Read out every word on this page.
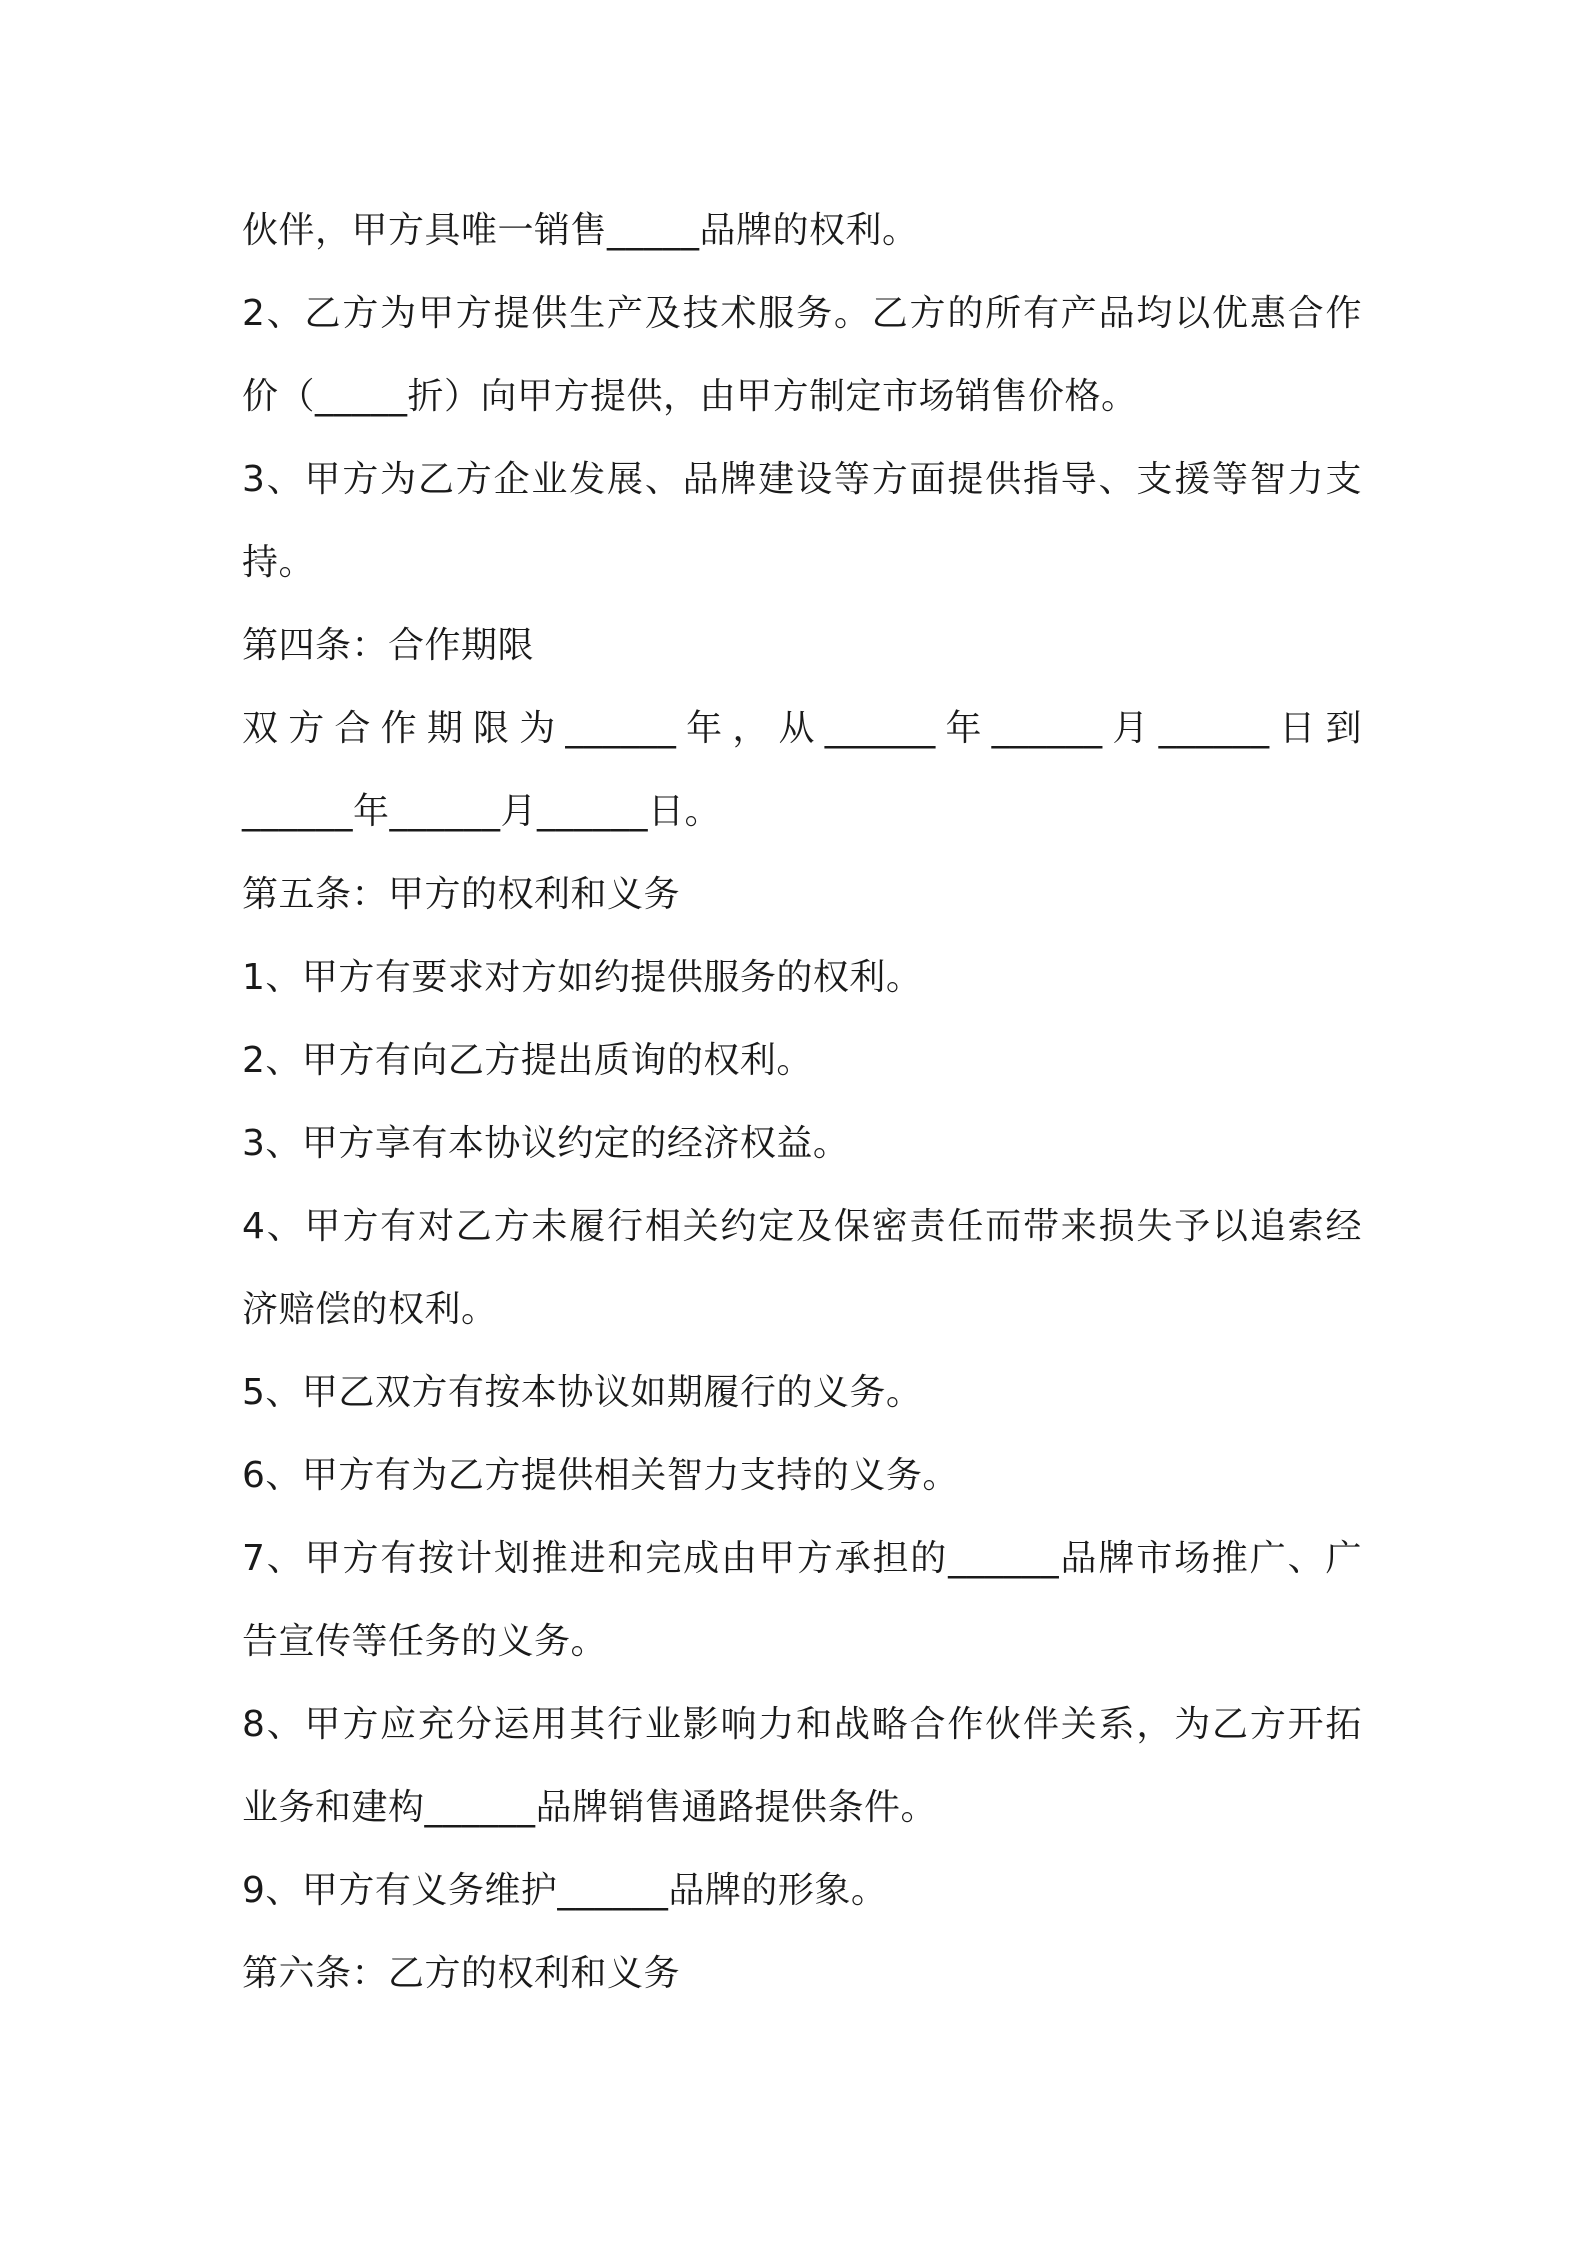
伙伴，甲方具唯一销售_____品牌的权利。
2、乙方为甲方提供生产及技术服务。乙方的所有产品均以优惠合作
价（_____折）向甲方提供，由甲方制定市场销售价格。
3、甲方为乙方企业发展、品牌建设等方面提供指导、支援等智力支
持。
第四条：合作期限
双方合作期限为______年，从______年______月______日到
______年______月______日。
第五条：甲方的权利和义务
1、甲方有要求对方如约提供服务的权利。
2、甲方有向乙方提出质询的权利。
3、甲方享有本协议约定的经济权益。
4、甲方有对乙方未履行相关约定及保密责任而带来损失予以追索经
济赔偿的权利。
5、甲乙双方有按本协议如期履行的义务。
6、甲方有为乙方提供相关智力支持的义务。
7、甲方有按计划推进和完成由甲方承担的______品牌市场推广、广
告宣传等任务的义务。
8、甲方应充分运用其行业影响力和战略合作伙伴关系，为乙方开拓
业务和建构______品牌销售通路提供条件。
9、甲方有义务维护______品牌的形象。
第六条：乙方的权利和义务
